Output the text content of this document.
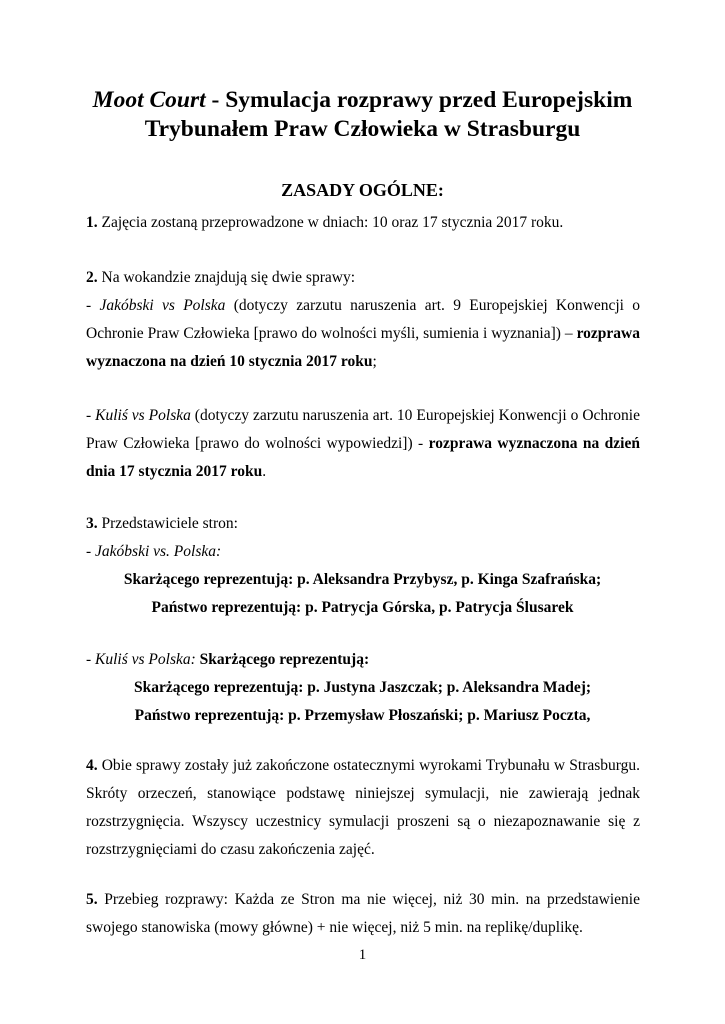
Moot Court - Symulacja rozprawy przed Europejskim
Trybunałem Praw Człowieka w Strasburgu
ZASADY OGÓLNE:
1. Zajęcia zostaną przeprowadzone w dniach: 10 oraz 17 stycznia 2017 roku.
2. Na wokandzie znajdują się dwie sprawy:
- Jakóbski vs Polska (dotyczy zarzutu naruszenia art. 9 Europejskiej Konwencji o Ochronie Praw Człowieka [prawo do wolności myśli, sumienia i wyznania]) – rozprawa wyznaczona na dzień 10 stycznia 2017 roku;
- Kuliś vs Polska (dotyczy zarzutu naruszenia art. 10 Europejskiej Konwencji o Ochronie Praw Człowieka [prawo do wolności wypowiedzi]) - rozprawa wyznaczona na dzień dnia 17 stycznia 2017 roku.
3. Przedstawiciele stron:
- Jakóbski vs. Polska:
Skarżącego reprezentują: p. Aleksandra Przybysz, p. Kinga Szafrańska;
Państwo reprezentują: p. Patrycja Górska, p. Patrycja Ślusarek
- Kuliś vs Polska: Skarżącego reprezentują:
Skarżącego reprezentują: p. Justyna Jaszczak; p. Aleksandra Madej;
Państwo reprezentują: p. Przemysław Płoszański; p. Mariusz Poczta,
4. Obie sprawy zostały już zakończone ostatecznymi wyrokami Trybunału w Strasburgu. Skróty orzeczeń, stanowiące podstawę niniejszej symulacji, nie zawierają jednak rozstrzygnięcia. Wszyscy uczestnicy symulacji proszeni są o niezapoznawanie się z rozstrzygnięciami do czasu zakończenia zajęć.
5. Przebieg rozprawy: Każda ze Stron ma nie więcej, niż 30 min. na przedstawienie swojego stanowiska (mowy główne) + nie więcej, niż 5 min. na replikę/duplikę.
1
